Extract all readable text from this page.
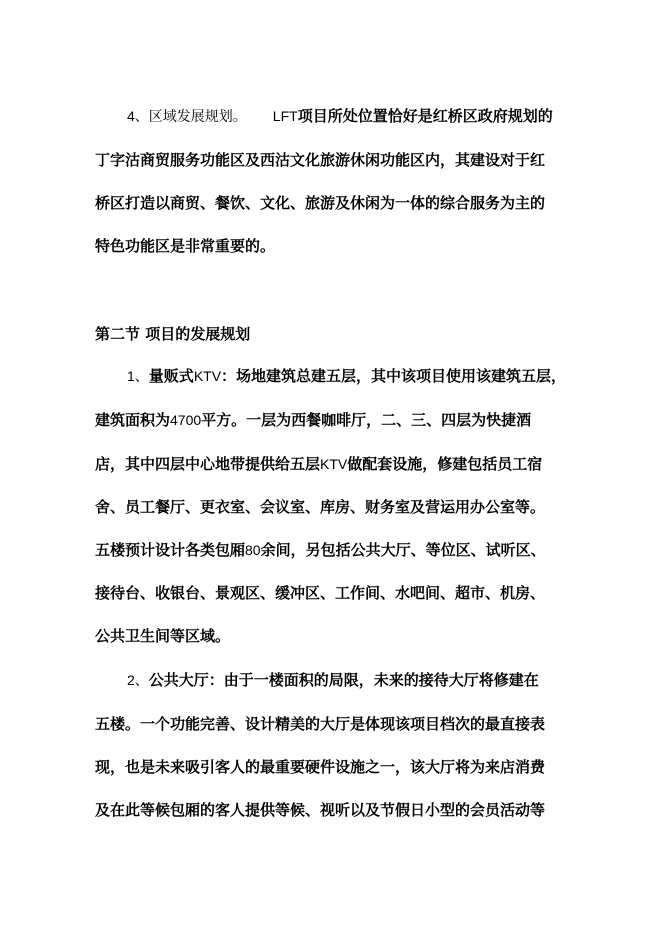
4、区域发展规划。 LFT项目所处位置恰好是红桥区政府规划的
丁字沽商贸服务功能区及西沽文化旅游休闲功能区内，其建设对于红
桥区打造以商贸、餐饮、文化、旅游及休闲为一体的综合服务为主的
特色功能区是非常重要的。
第二节 项目的发展规划
1、量贩式KTV：场地建筑总建五层，其中该项目使用该建筑五层，
建筑面积为4700平方。一层为西餐咖啡厅，二、三、四层为快捷酒
店，其中四层中心地带提供给五层KTV做配套设施，修建包括员工宿
舍、员工餐厅、更衣室、会议室、库房、财务室及营运用办公室等。
五楼预计设计各类包厢80余间，另包括公共大厅、等位区、试听区、
接待台、收银台、景观区、缓冲区、工作间、水吧间、超市、机房、
公共卫生间等区域。
2、公共大厅：由于一楼面积的局限，未来的接待大厅将修建在
五楼。一个功能完善、设计精美的大厅是体现该项目档次的最直接表
现，也是未来吸引客人的最重要硬件设施之一，该大厅将为来店消费
及在此等候包厢的客人提供等候、视听以及节假日小型的会员活动等
